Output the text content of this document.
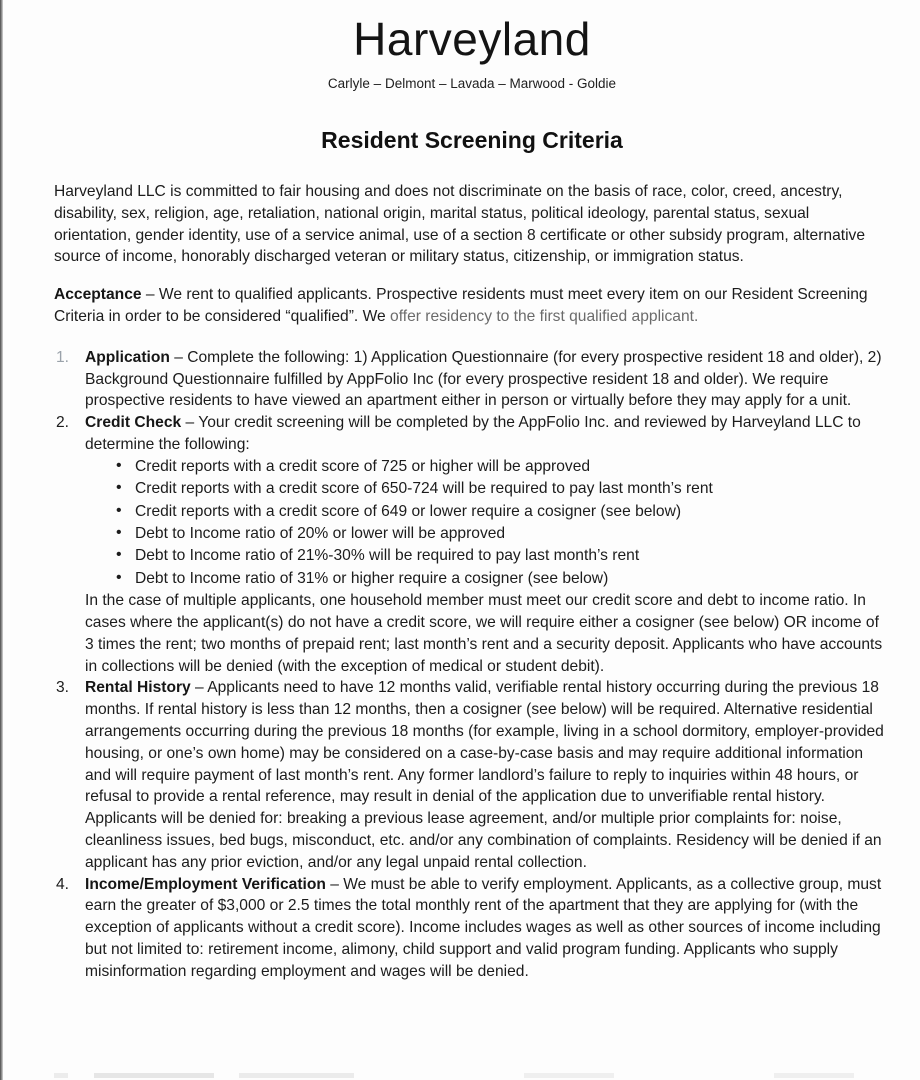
Harveyland

Carlyle – Delmont – Lavada – Marwood - Goldie

Resident Screening Criteria

Harveyland LLC is committed to fair housing and does not discriminate on the basis of race, color, creed, ancestry, disability, sex, religion, age, retaliation, national origin, marital status, political ideology, parental status, sexual orientation, gender identity, use of a service animal, use of a section 8 certificate or other subsidy program, alternative source of income, honorably discharged veteran or military status, citizenship, or immigration status.

Acceptance – We rent to qualified applicants. Prospective residents must meet every item on our Resident Screening Criteria in order to be considered “qualified”. We offer residency to the first qualified applicant.

1.	Application – Complete the following: 1) Application Questionnaire (for every prospective resident 18 and older), 2) Background Questionnaire fulfilled by AppFolio Inc (for every prospective resident 18 and older). We require prospective residents to have viewed an apartment either in person or virtually before they may apply for a unit.
2.	Credit Check – Your credit screening will be completed by the AppFolio Inc. and reviewed by Harveyland LLC to determine the following:
• Credit reports with a credit score of 725 or higher will be approved
• Credit reports with a credit score of 650-724 will be required to pay last month’s rent
• Credit reports with a credit score of 649 or lower require a cosigner (see below)
• Debt to Income ratio of 20% or lower will be approved
• Debt to Income ratio of 21%-30% will be required to pay last month’s rent
• Debt to Income ratio of 31% or higher require a cosigner (see below)
In the case of multiple applicants, one household member must meet our credit score and debt to income ratio. In cases where the applicant(s) do not have a credit score, we will require either a cosigner (see below) OR income of 3 times the rent; two months of prepaid rent; last month’s rent and a security deposit. Applicants who have accounts in collections will be denied (with the exception of medical or student debit).
3.	Rental History – Applicants need to have 12 months valid, verifiable rental history occurring during the previous 18 months. If rental history is less than 12 months, then a cosigner (see below) will be required. Alternative residential arrangements occurring during the previous 18 months (for example, living in a school dormitory, employer-provided housing, or one’s own home) may be considered on a case-by-case basis and may require additional information and will require payment of last month’s rent. Any former landlord’s failure to reply to inquiries within 48 hours, or refusal to provide a rental reference, may result in denial of the application due to unverifiable rental history.
Applicants will be denied for: breaking a previous lease agreement, and/or multiple prior complaints for: noise, cleanliness issues, bed bugs, misconduct, etc. and/or any combination of complaints. Residency will be denied if an applicant has any prior eviction, and/or any legal unpaid rental collection.
4.	Income/Employment Verification – We must be able to verify employment. Applicants, as a collective group, must earn the greater of $3,000 or 2.5 times the total monthly rent of the apartment that they are applying for (with the exception of applicants without a credit score). Income includes wages as well as other sources of income including but not limited to: retirement income, alimony, child support and valid program funding. Applicants who supply misinformation regarding employment and wages will be denied.
